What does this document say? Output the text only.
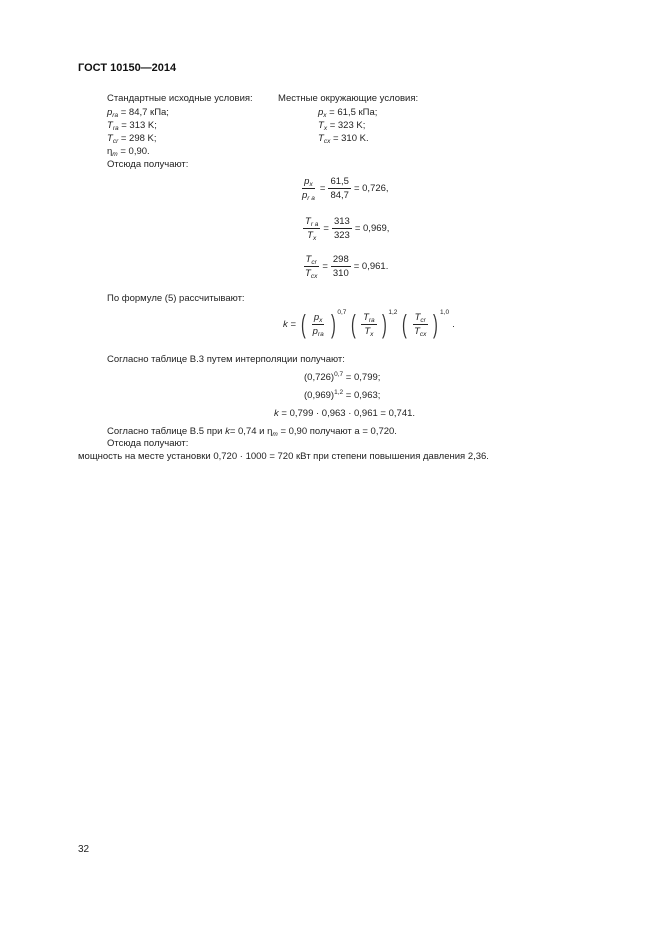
ГОСТ 10150—2014
Стандартные исходные условия:
$p_{ra} = 84,7$ кПа;
$T_{ra} = 313$ K;
$T_{cr} = 298$ K;
$\eta_m = 0,90$.
Местные окружающие условия:
$p_x = 61,5$ кПа;
$T_x = 323$ K;
$T_{cx} = 310$ K.
Отсюда получают:
$\frac{p_x}{p_{r a}} = \frac{61,5}{84,7} = 0,726$,
$\frac{T_{r a}}{T_x} = \frac{313}{323} = 0,969$,
$\frac{T_{cr}}{T_{cx}} = \frac{298}{310} = 0,961$.
По формуле (5) рассчитывают:
k = ( $\frac{p_x}{p_{ra}}$ ) 0,7 ( $\frac{T_{ra}}{T_x}$ ) 1,2 ( $\frac{T_{cr}}{T_{cx}}$ ) 1,0
.
Согласно таблице В.3 путем интерполяции получают:
$(0,726)^{0,7} = 0,799$;
$(0,969)^{1,2} = 0,963$;
k = 0,799 · 0,963 · 0,961 = 0,741.
Согласно таблице В.5 при k= 0,74 и $\eta_m = 0,90$ получают a = 0,720.
Отсюда получают:
мощность на месте установки 0,720 · 1000 = 720 кВт при степени повышения давления 2,36.
32
